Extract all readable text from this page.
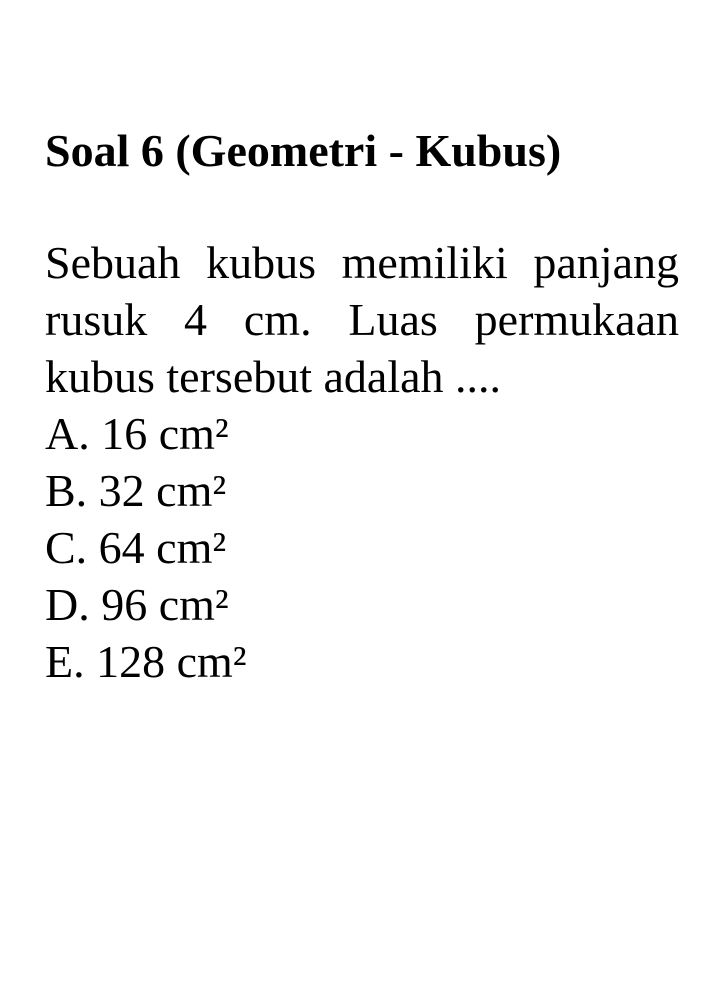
Soal 6 (Geometri - Kubus)

Sebuah kubus memiliki panjang rusuk 4 cm. Luas permukaan kubus tersebut adalah ....

A. 16 cm²
B. 32 cm²
C. 64 cm²
D. 96 cm²
E. 128 cm²
